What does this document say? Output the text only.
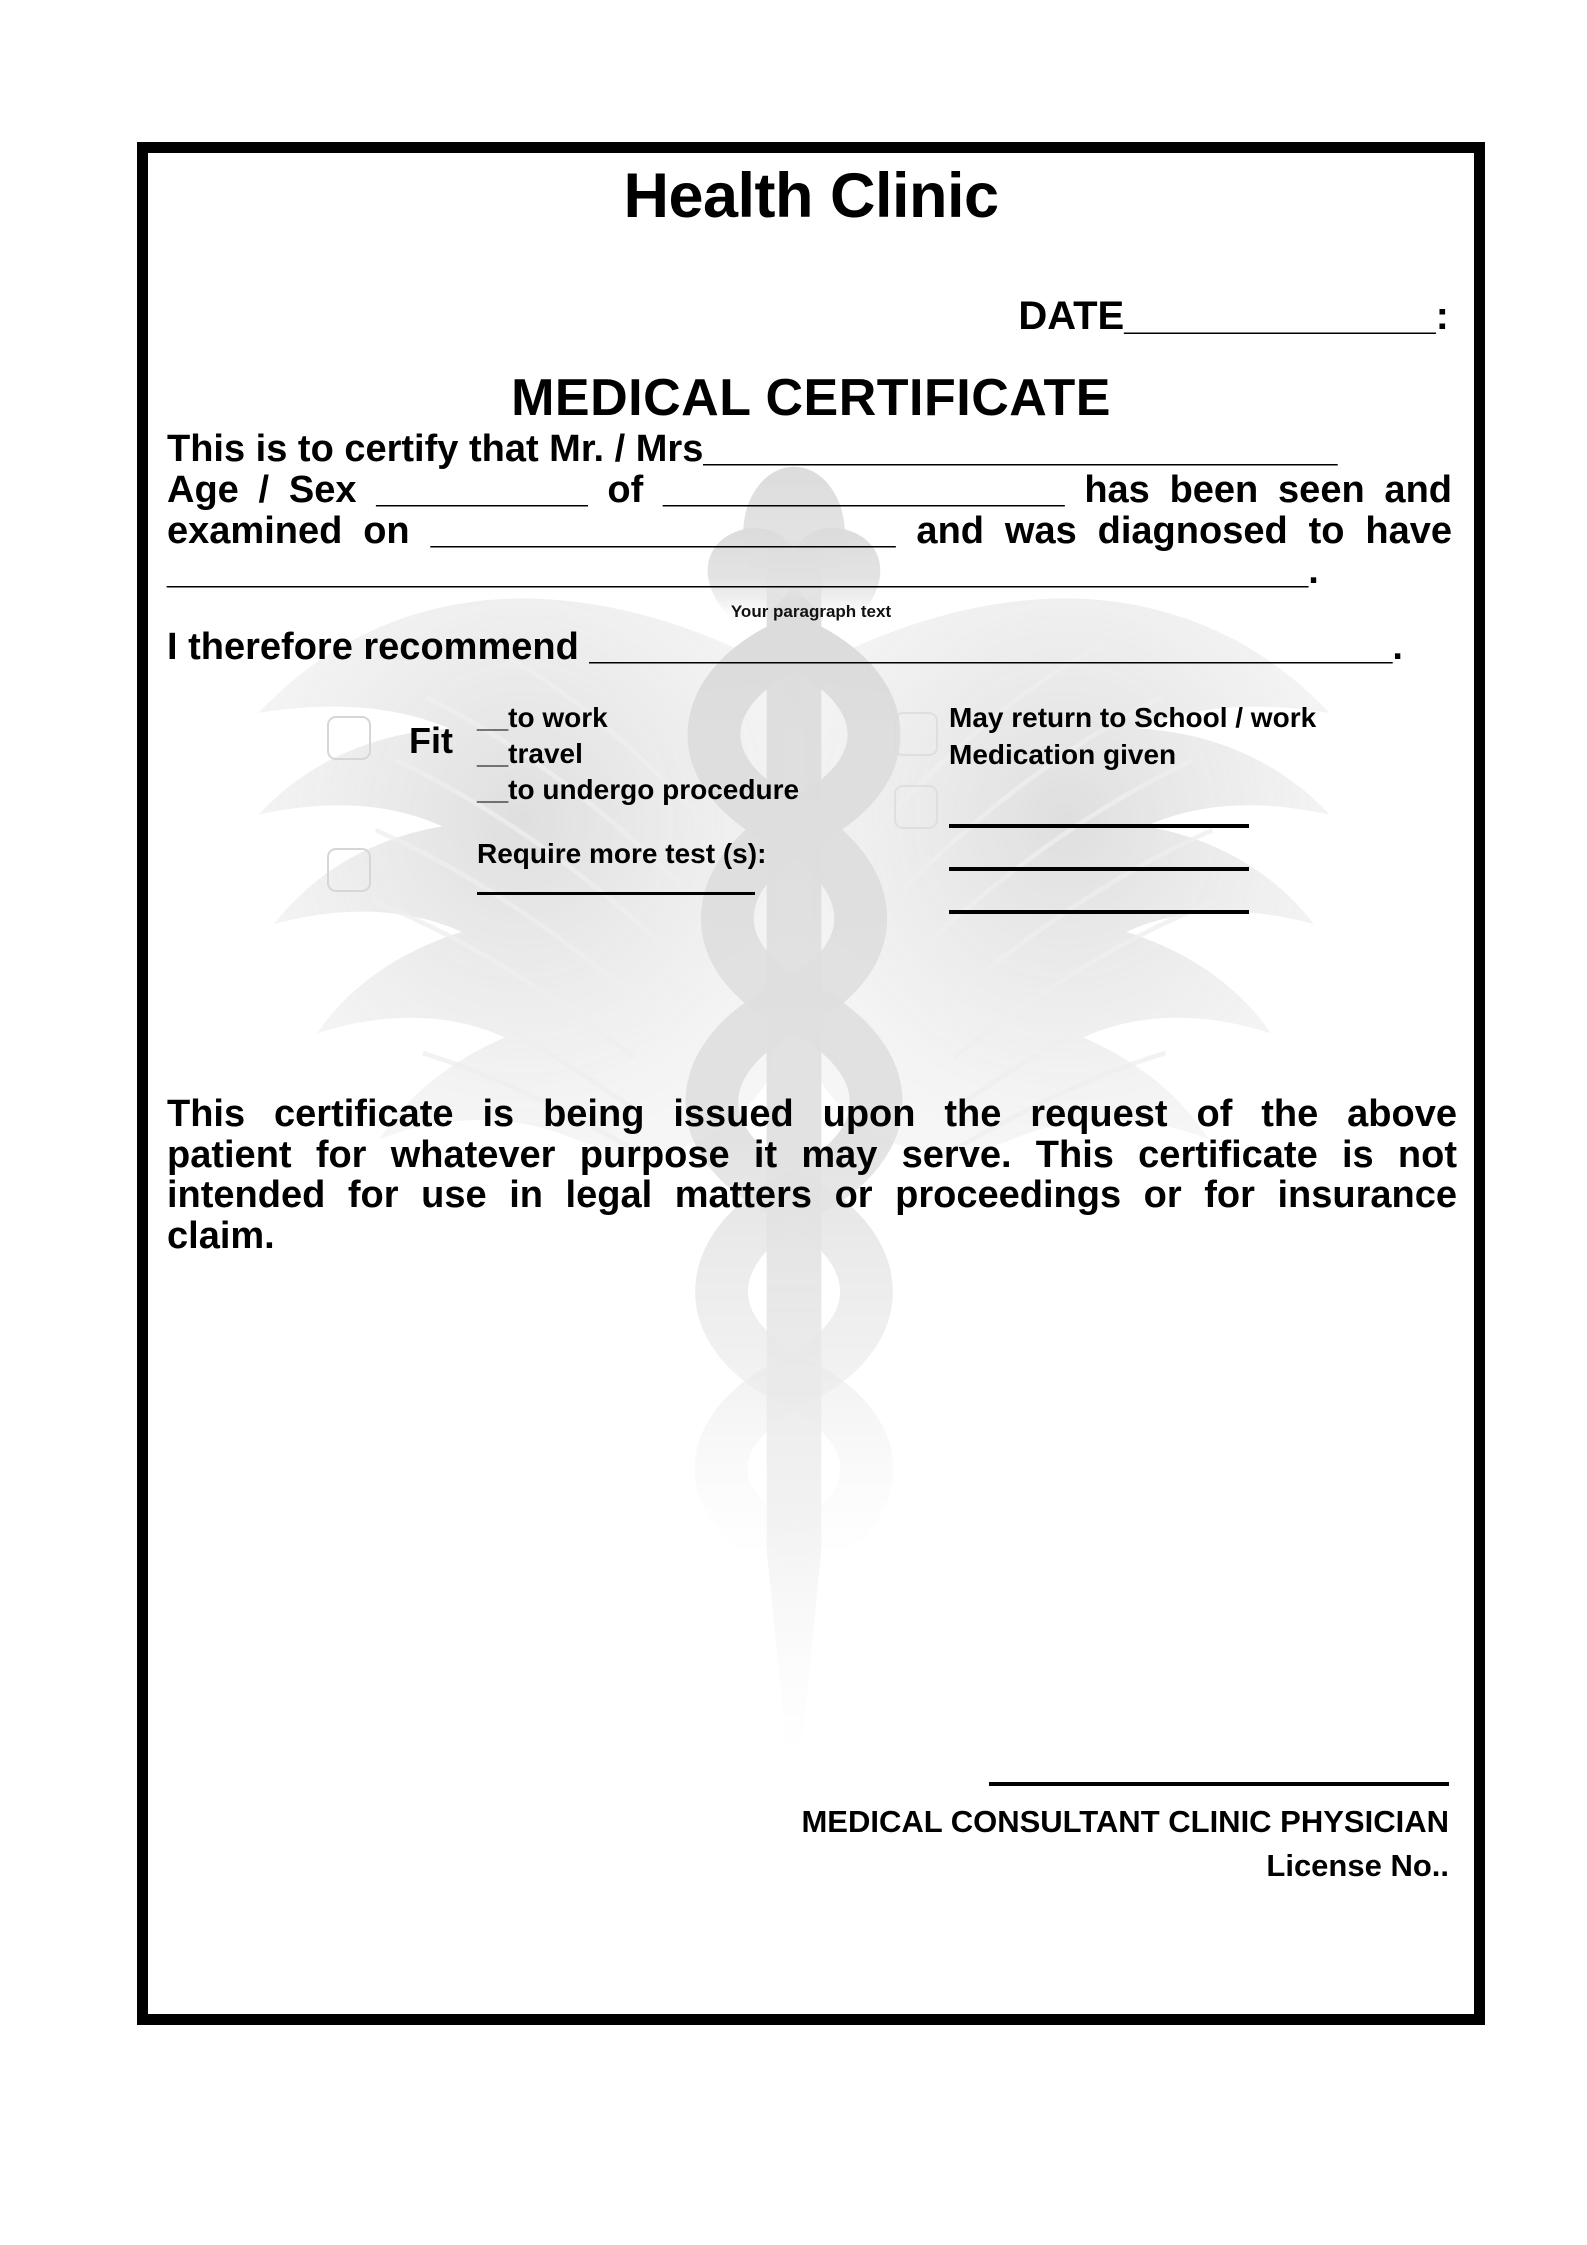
Health Clinic
DATE______________:
MEDICAL CERTIFICATE
This is to certify that Mr. / Mrs______________________________
Age / Sex __________ of ___________________ has been seen and
examined on ______________________ and was diagnosed to have
______________________________________________________.
Your paragraph text
I therefore recommend ______________________________________.
Fit
__to work
__travel
__to undergo procedure
Require more test (s):
May return to School / work
Medication given
This certificate is being issued upon the request of the above
patient for whatever purpose it may serve. This certificate is not
intended for use in legal matters or proceedings or for insurance
claim.
MEDICAL CONSULTANT CLINIC PHYSICIAN
License No..
